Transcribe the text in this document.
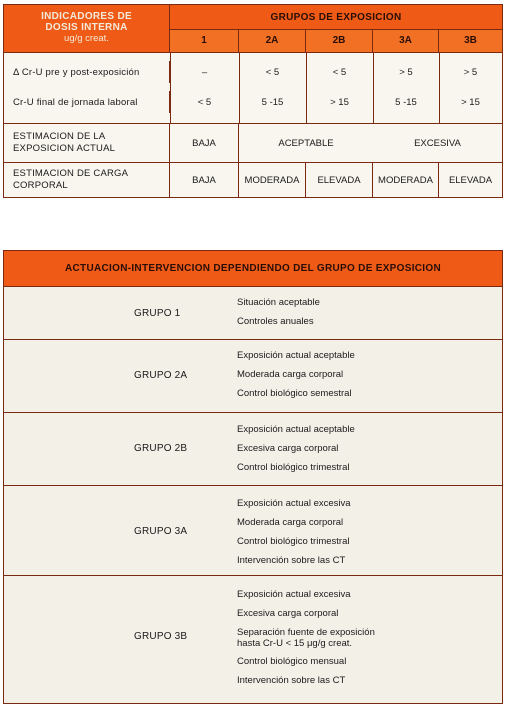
INDICADORES DE
DOSIS INTERNA
ug/g creat.
GRUPOS DE EXPOSICION
1	2A	2B	3A	3B
Δ Cr-U pre y post-exposición	–	< 5	< 5	> 5	> 5
Cr-U final de jornada laboral	< 5	5 -15	> 15	5 -15	> 15
ESTIMACION DE LA
EXPOSICION ACTUAL	BAJA	ACEPTABLE	EXCESIVA
ESTIMACION DE CARGA
CORPORAL	BAJA	MODERADA	ELEVADA	MODERADA	ELEVADA
ACTUACION-INTERVENCION DEPENDIENDO DEL GRUPO DE EXPOSICION
GRUPO 1
Situación aceptable
Controles anuales
GRUPO 2A
Exposición actual aceptable
Moderada carga corporal
Control biológico semestral
GRUPO 2B
Exposición actual aceptable
Excesiva carga corporal
Control biológico trimestral
GRUPO 3A
Exposición actual excesiva
Moderada carga corporal
Control biológico trimestral
Intervención sobre las CT
GRUPO 3B
Exposición actual excesiva
Excesiva carga corporal
Separación fuente de exposición
hasta Cr-U < 15 μg/g creat.
Control biológico mensual
Intervención sobre las CT
